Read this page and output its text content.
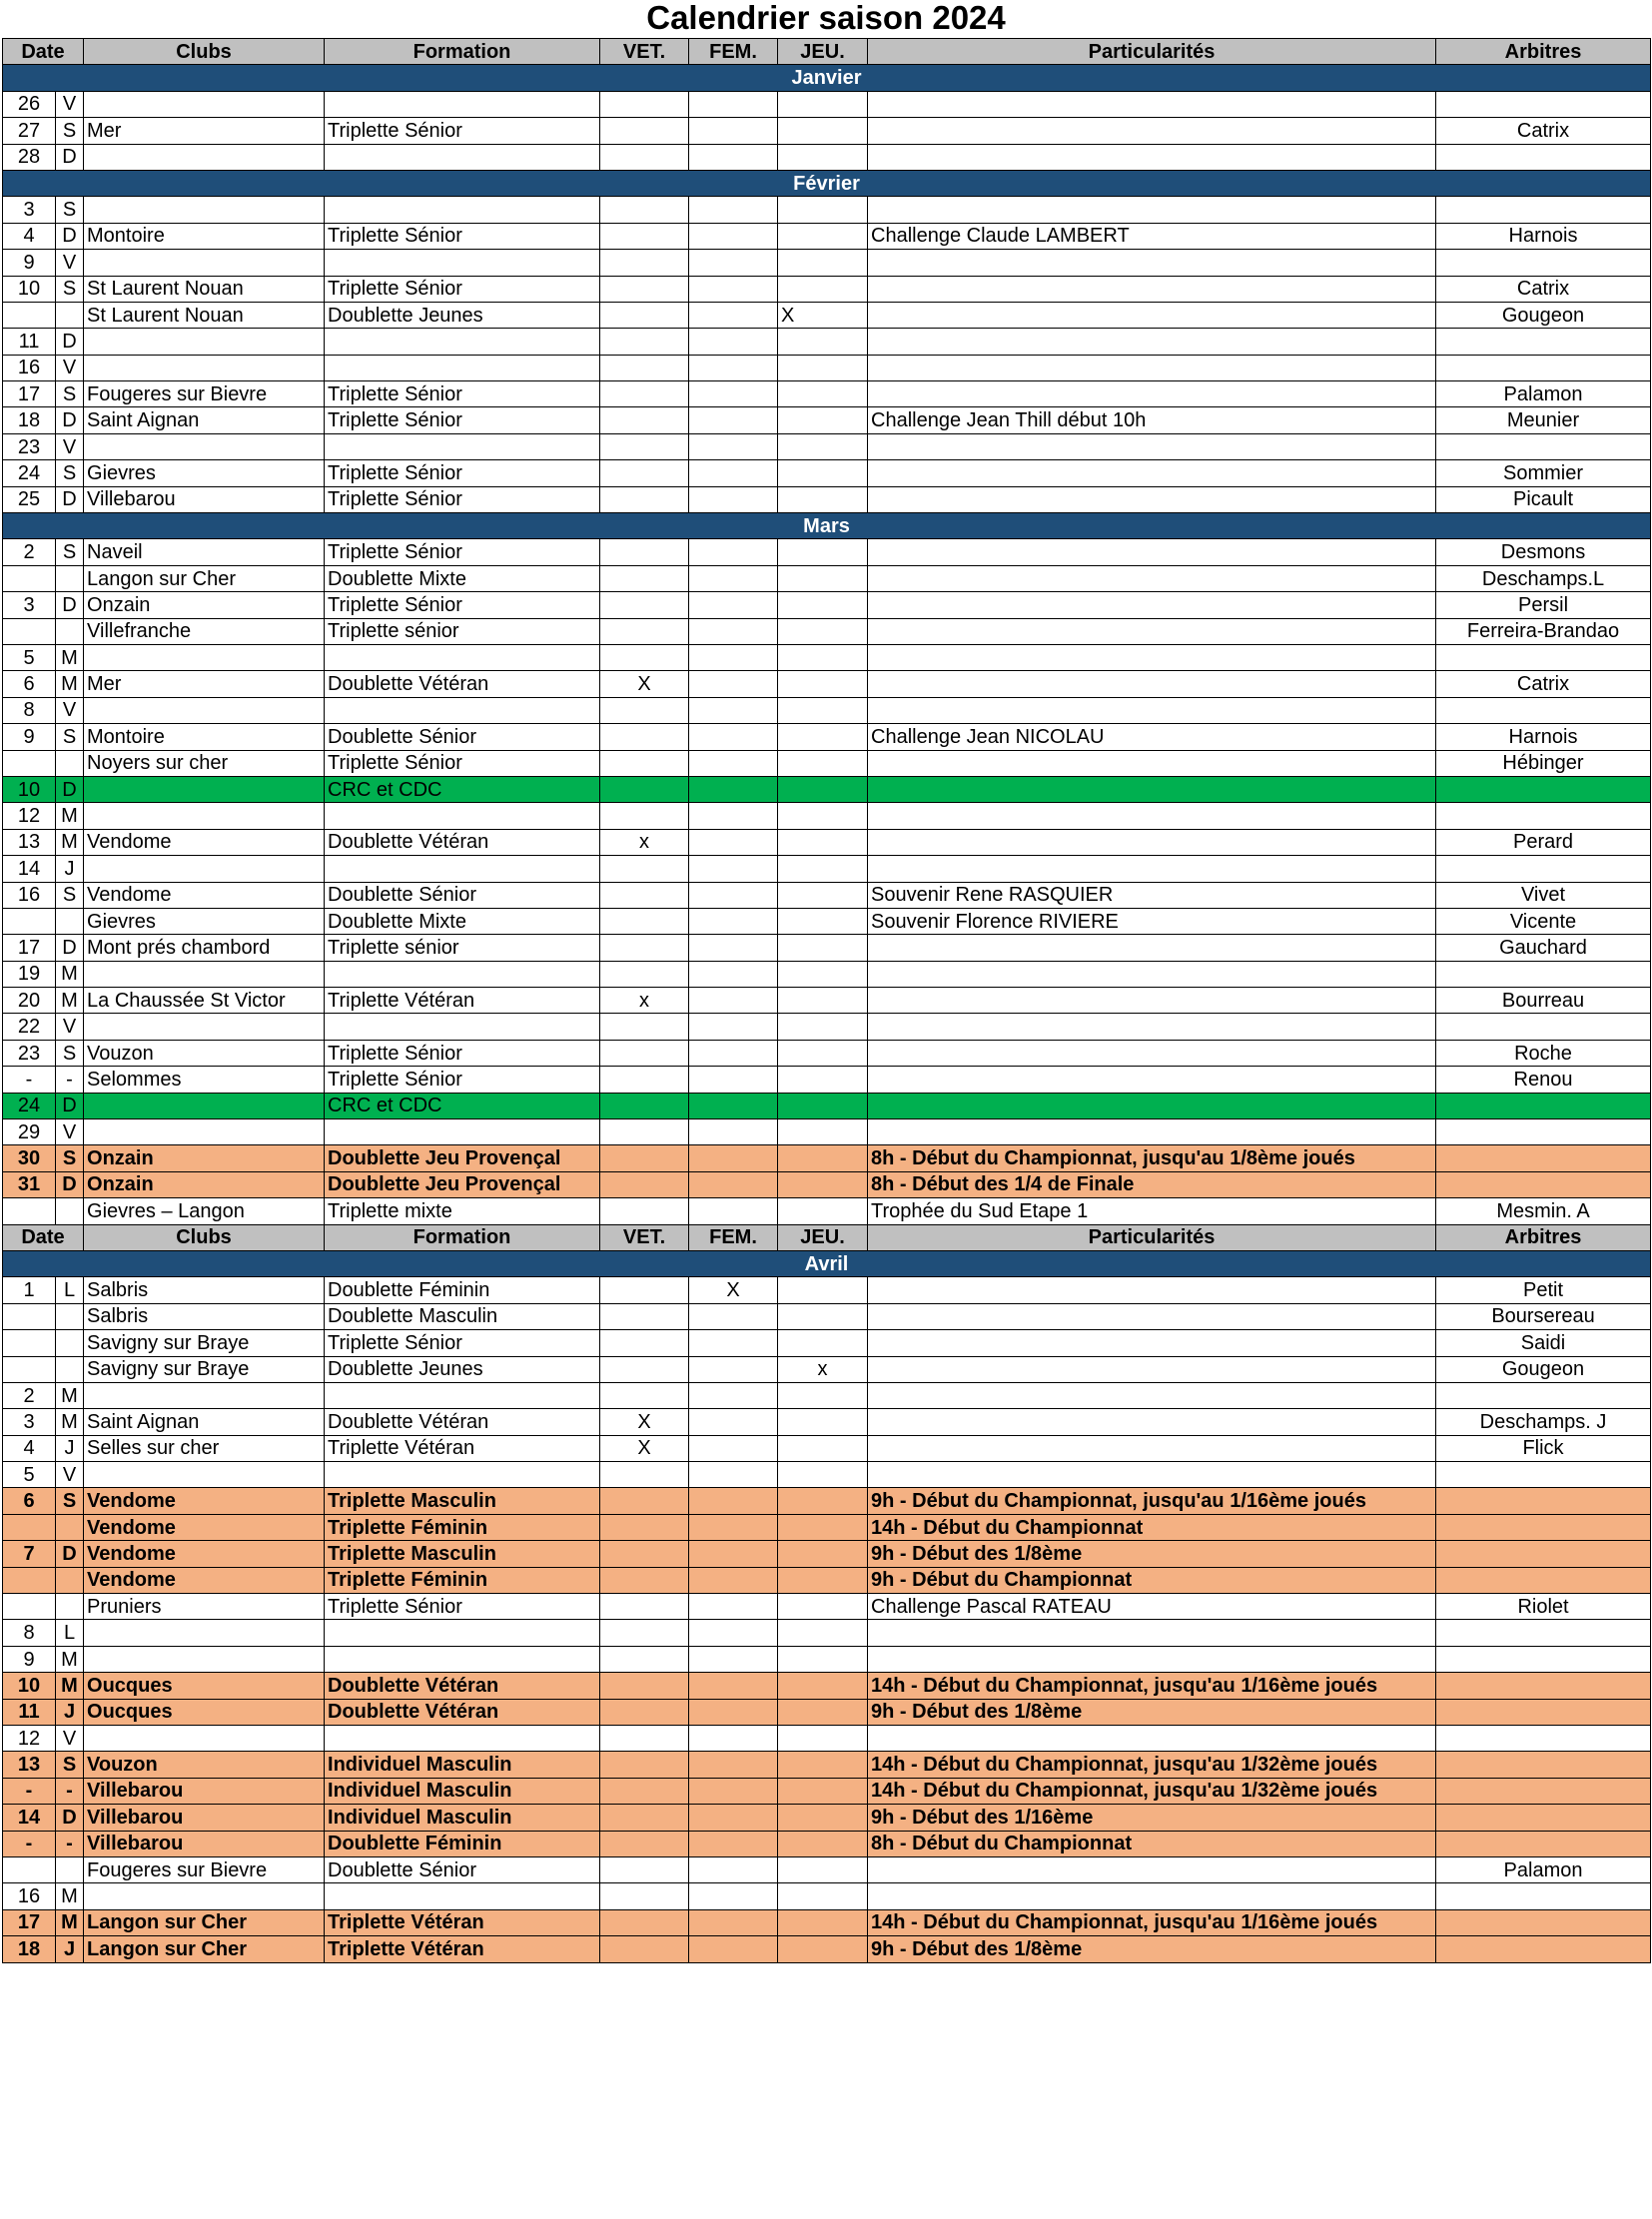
Calendrier saison 2024
Date		Clubs	Formation	VET.	FEM.	JEU.	Particularités	Arbitres
Janvier								
26	V							
27	S	Mer	Triplette Sénior					Catrix
28	D							
Février								
3	S							
4	D	Montoire	Triplette Sénior				Challenge Claude LAMBERT	Harnois
9	V							
10	S	St Laurent Nouan	Triplette Sénior					Catrix
		St Laurent Nouan	Doublette Jeunes			X		Gougeon
11	D							
16	V							
17	S	Fougeres sur Bievre	Triplette Sénior					Palamon
18	D	Saint Aignan	Triplette Sénior				Challenge Jean Thill début 10h	Meunier
23	V							
24	S	Gievres	Triplette Sénior					Sommier
25	D	Villebarou	Triplette Sénior					Picault
Mars								
2	S	Naveil	Triplette Sénior					Desmons
		Langon sur Cher	Doublette Mixte					Deschamps.L
3	D	Onzain	Triplette Sénior					Persil
		Villefranche	Triplette sénior					Ferreira-Brandao
5	M							
6	M	Mer	Doublette Vétéran	X				Catrix
8	V							
9	S	Montoire	Doublette Sénior				Challenge Jean NICOLAU	Harnois
		Noyers sur cher	Triplette Sénior					Hébinger
10	D		CRC et CDC					
12	M							
13	M	Vendome	Doublette Vétéran	x				Perard
14	J							
16	S	Vendome	Doublette Sénior				Souvenir Rene RASQUIER	Vivet
		Gievres	Doublette Mixte				Souvenir Florence RIVIERE	Vicente
17	D	Mont prés chambord	Triplette sénior					Gauchard
19	M							
20	M	La Chaussée St Victor	Triplette Vétéran	x				Bourreau
22	V							
23	S	Vouzon	Triplette Sénior					Roche
-	-	Selommes	Triplette Sénior					Renou
24	D		CRC et CDC					
29	V							
30	S	Onzain	Doublette Jeu Provençal				8h - Début du Championnat, jusqu'au 1/8ème joués	
31	D	Onzain	Doublette Jeu Provençal				8h - Début des 1/4 de Finale	
		Gievres – Langon	Triplette mixte				Trophée du Sud Etape 1	Mesmin. A
Date		Clubs	Formation	VET.	FEM.	JEU.	Particularités	Arbitres
Avril								
1	L	Salbris	Doublette Féminin		X			Petit
		Salbris	Doublette Masculin					Boursereau
		Savigny sur Braye	Triplette Sénior					Saidi
		Savigny sur Braye	Doublette Jeunes			x		Gougeon
2	M							
3	M	Saint Aignan	Doublette Vétéran	X				Deschamps. J
4	J	Selles sur cher	Triplette Vétéran	X				Flick
5	V							
6	S	Vendome	Triplette Masculin				9h - Début du Championnat, jusqu'au 1/16ème joués	
		Vendome	Triplette Féminin				14h - Début du Championnat	
7	D	Vendome	Triplette Masculin				9h - Début des 1/8ème	
		Vendome	Triplette Féminin				9h - Début du Championnat	
		Pruniers	Triplette Sénior				Challenge Pascal RATEAU	Riolet
8	L							
9	M							
10	M	Oucques	Doublette Vétéran				14h - Début du Championnat, jusqu'au 1/16ème joués	
11	J	Oucques	Doublette Vétéran				9h - Début des 1/8ème	
12	V							
13	S	Vouzon	Individuel Masculin				14h - Début du Championnat, jusqu'au 1/32ème joués	
-	-	Villebarou	Individuel Masculin				14h - Début du Championnat, jusqu'au 1/32ème joués	
14	D	Villebarou	Individuel Masculin				9h - Début des 1/16ème	
-	-	Villebarou	Doublette Féminin				8h - Début du Championnat	
		Fougeres sur Bievre	Doublette Sénior					Palamon
16	M							
17	M	Langon sur Cher	Triplette Vétéran				14h - Début du Championnat, jusqu'au 1/16ème joués	
18	J	Langon sur Cher	Triplette Vétéran				9h - Début des 1/8ème	
